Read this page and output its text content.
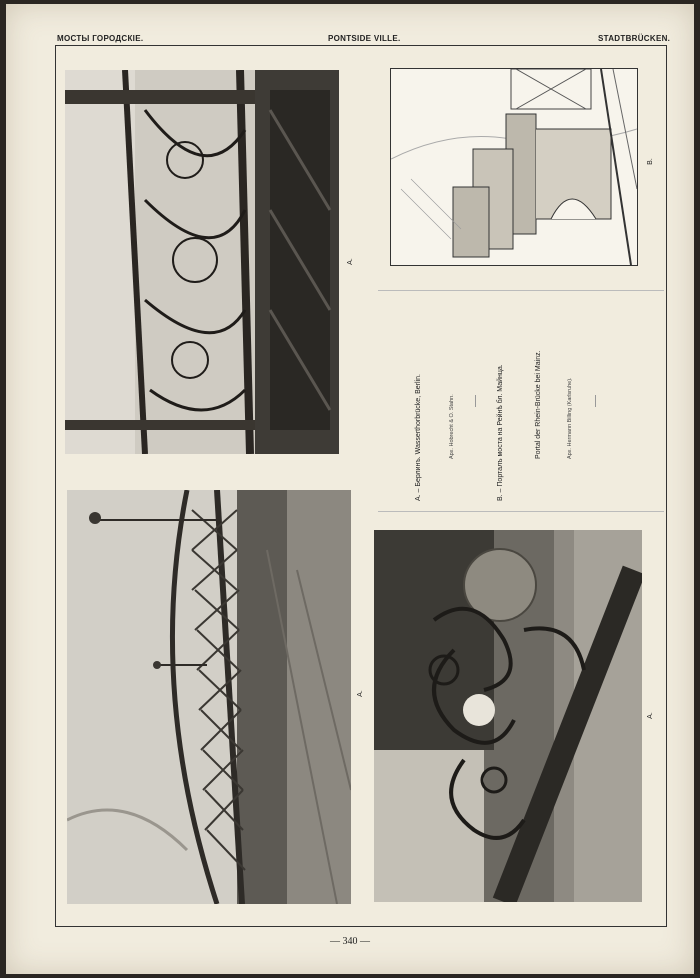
МОСТЫ ГОРОДСКІЕ.	PONTSIDE VILLE.	STADTBRÜCKEN.
A.
B.
A. – Берлинъ. Wasserthorbrücke, Berlin.	Арх. Hobrecht & O. Stahn.	B. – Порталъ моста на Рейнѣ бл. Майнца.	Portal der Rhein-Brücke bei Mainz.	Арх. Hermann Billing (Karlsruhe).
A.
A.
— 340 —
